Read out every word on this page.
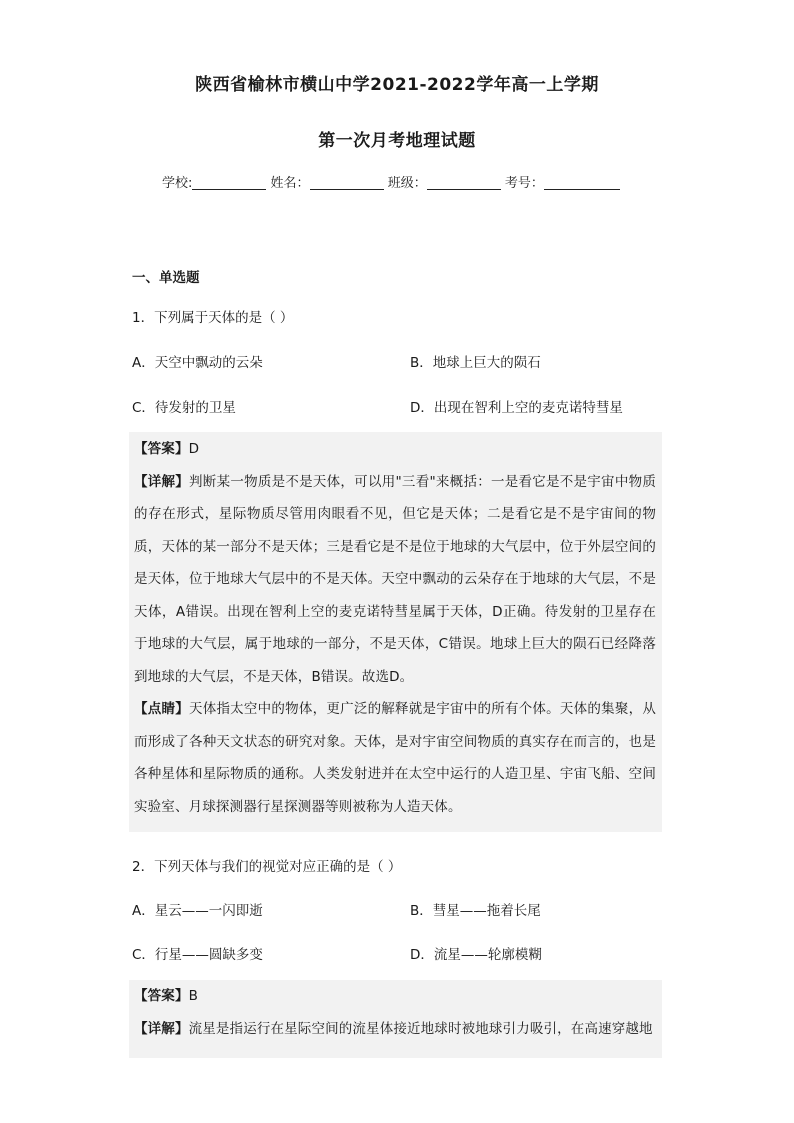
陕西省榆林市横山中学2021-2022学年高一上学期
第一次月考地理试题
学校:	姓名：	班级：	考号：
一、单选题
1．下列属于天体的是（ ）
A．天空中飘动的云朵	B．地球上巨大的陨石
C．待发射的卫星	D．出现在智利上空的麦克诺特彗星

【答案】D

【详解】判断某一物质是不是天体，可以用"三看"来概括：一是看它是不是宇宙中物质的存在形式，星际物质尽管用肉眼看不见，但它是天体；二是看它是不是宇宙间的物质，天体的某一部分不是天体；三是看它是不是位于地球的大气层中，位于外层空间的是天体，位于地球大气层中的不是天体。天空中飘动的云朵存在于地球的大气层，不是天体，A错误。出现在智利上空的麦克诺特彗星属于天体，D正确。待发射的卫星存在于地球的大气层，属于地球的一部分，不是天体，C错误。地球上巨大的陨石已经降落到地球的大气层，不是天体，B错误。故选D。

【点睛】天体指太空中的物体，更广泛的解释就是宇宙中的所有个体。天体的集聚，从而形成了各种天文状态的研究对象。天体，是对宇宙空间物质的真实存在而言的，也是各种星体和星际物质的通称。人类发射进并在太空中运行的人造卫星、宇宙飞船、空间实验室、月球探测器行星探测器等则被称为人造天体。

2．下列天体与我们的视觉对应正确的是（ ）
A．星云——一闪即逝	B．彗星——拖着长尾
C．行星——圆缺多变	D．流星——轮廓模糊

【答案】B

【详解】流星是指运行在星际空间的流星体接近地球时被地球引力吸引，在高速穿越地
